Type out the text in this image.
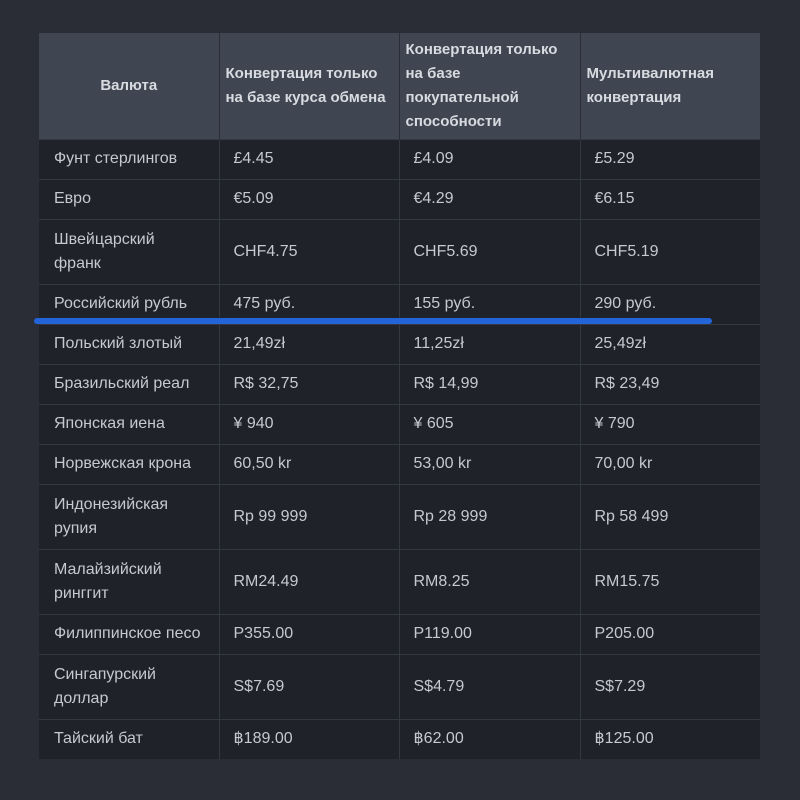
Валюта	Конвертация только на базе курса обмена	Конвертация только на базе покупательной способности	Мультивалютная конвертация
Фунт стерлингов	£4.45	£4.09	£5.29
Евро	€5.09	€4.29	€6.15
Швейцарский франк	CHF4.75	CHF5.69	CHF5.19
Российский рубль	475 руб.	155 руб.	290 руб.
Польский злотый	21,49zł	11,25zł	25,49zł
Бразильский реал	R$ 32,75	R$ 14,99	R$ 23,49
Японская иена	¥ 940	¥ 605	¥ 790
Норвежская крона	60,50 kr	53,00 kr	70,00 kr
Индонезийская рупия	Rp 99 999	Rp 28 999	Rp 58 499
Малайзийский ринггит	RM24.49	RM8.25	RM15.75
Филиппинское песо	P355.00	P119.00	P205.00
Сингапурский доллар	S$7.69	S$4.79	S$7.29
Тайский бат	฿189.00	฿62.00	฿125.00
